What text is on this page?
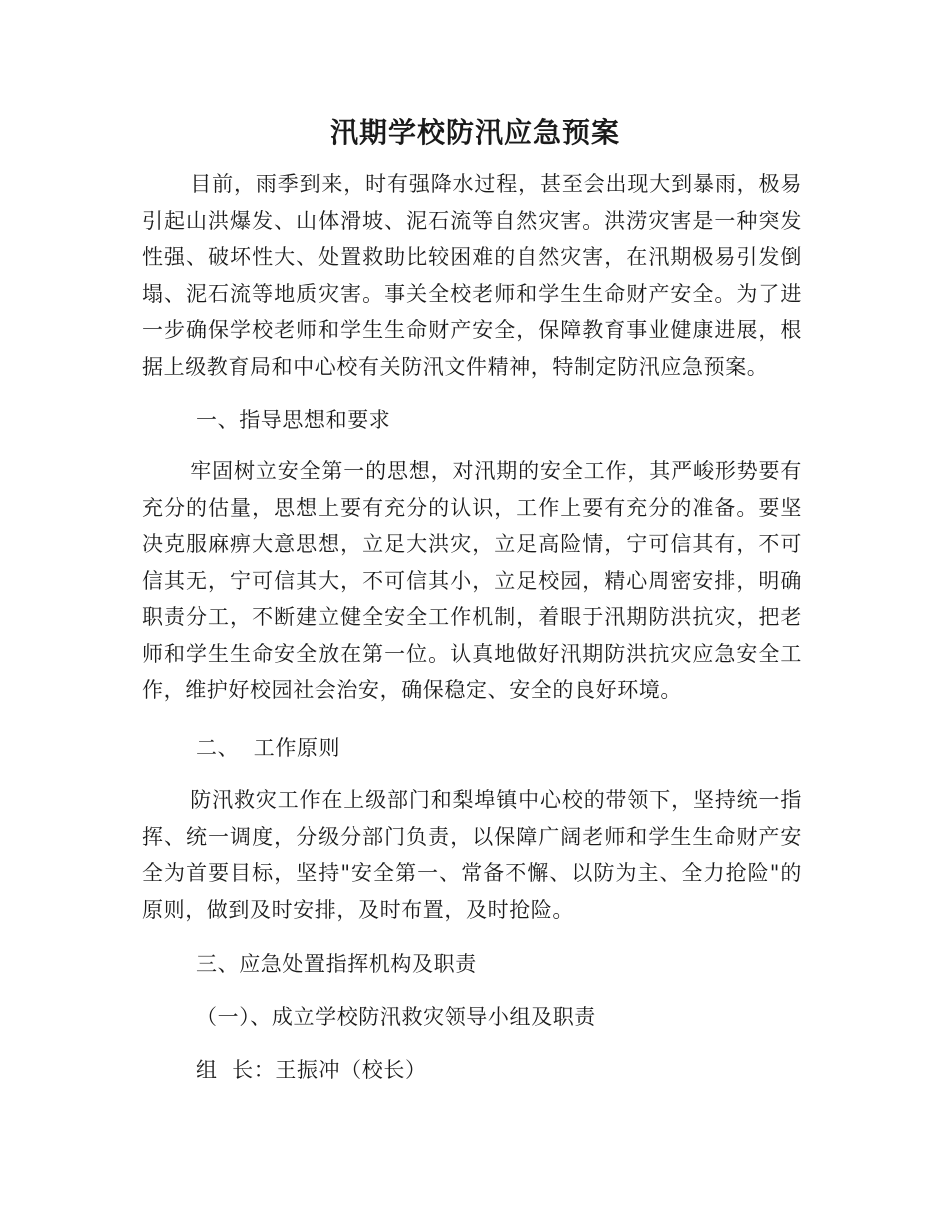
汛期学校防汛应急预案

目前，雨季到来，时有强降水过程，甚至会出现大到暴雨，极易引起山洪爆发、山体滑坡、泥石流等自然灾害。洪涝灾害是一种突发性强、破坏性大、处置救助比较困难的自然灾害，在汛期极易引发倒塌、泥石流等地质灾害。事关全校老师和学生生命财产安全。为了进一步确保学校老师和学生生命财产安全，保障教育事业健康进展，根据上级教育局和中心校有关防汛文件精神，特制定防汛应急预案。

一、指导思想和要求

牢固树立安全第一的思想，对汛期的安全工作，其严峻形势要有充分的估量，思想上要有充分的认识，工作上要有充分的准备。要坚决克服麻痹大意思想，立足大洪灾，立足高险情，宁可信其有，不可信其无，宁可信其大，不可信其小，立足校园，精心周密安排，明确职责分工，不断建立健全安全工作机制，着眼于汛期防洪抗灾，把老师和学生生命安全放在第一位。认真地做好汛期防洪抗灾应急安全工作，维护好校园社会治安，确保稳定、安全的良好环境。

二、  工作原则

防汛救灾工作在上级部门和梨埠镇中心校的带领下，坚持统一指挥、统一调度，分级分部门负责，以保障广阔老师和学生生命财产安全为首要目标，坚持"安全第一、常备不懈、以防为主、全力抢险"的原则，做到及时安排，及时布置，及时抢险。

三、应急处置指挥机构及职责

（一）、成立学校防汛救灾领导小组及职责

组  长：王振冲（校长）
